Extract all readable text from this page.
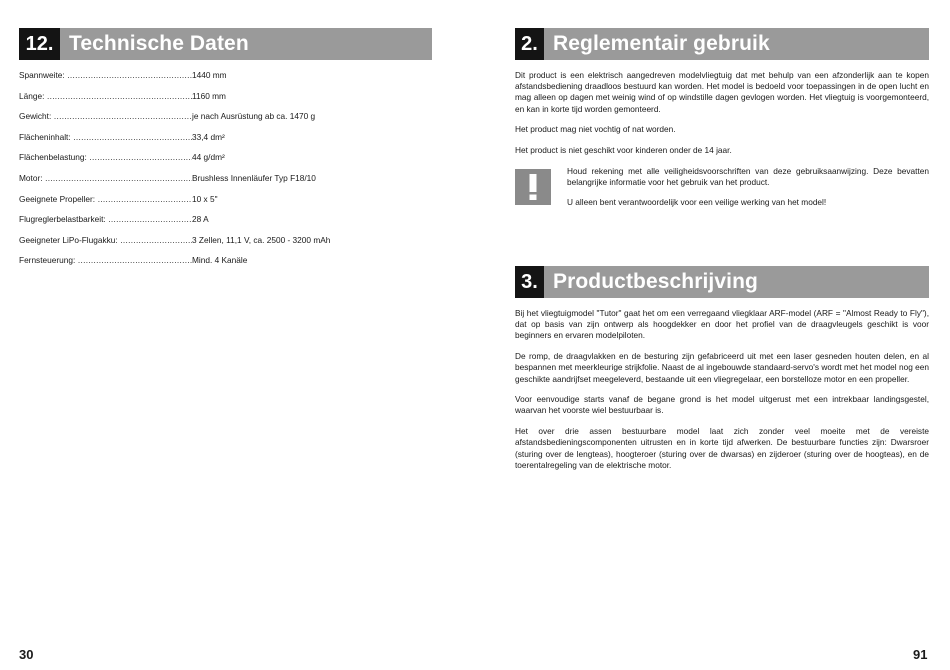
12. Technische Daten
Spannweite: .....	1440 mm
Länge: .....	1160 mm
Gewicht: .....	je nach Ausrüstung ab ca. 1470 g
Flächeninhalt: .....	33,4 dm²
Flächenbelastung: .....	44 g/dm²
Motor: .....	Brushless Innenläufer Typ F18/10
Geeignete Propeller: .....	10 x 5"
Flugreglerbelastbarkeit: .....	28 A
Geeigneter LiPo-Flugakku: .....	3 Zellen, 11,1 V, ca. 2500 - 3200 mAh
Fernsteuerung: .....	Mind. 4 Kanäle
30
2. Reglementair gebruik

Dit product is een elektrisch aangedreven modelvliegtuig dat met behulp van een afzonderlijk aan te kopen afstandsbediening draadloos bestuurd kan worden. Het model is bedoeld voor toepassingen in de open lucht en mag alleen op dagen met weinig wind of op windstille dagen gevlogen worden. Het vliegtuig is voorgemonteerd, en kan in korte tijd worden gemonteerd.

Het product mag niet vochtig of nat worden.

Het product is niet geschikt voor kinderen onder de 14 jaar.

Houd rekening met alle veiligheidsvoorschriften van deze gebruiksaanwijzing. Deze bevatten belangrijke informatie voor het gebruik van het product.

U alleen bent verantwoordelijk voor een veilige werking van het model!

3. Productbeschrijving

Bij het vliegtuigmodel "Tutor" gaat het om een verregaand vliegklaar ARF-model (ARF = "Almost Ready to Fly"), dat op basis van zijn ontwerp als hoogdekker en door het profiel van de draagvleugels geschikt is voor beginners en ervaren modelpiloten.

De romp, de draagvlakken en de besturing zijn gefabriceerd uit met een laser gesneden houten delen, en al bespannen met meerkleurige strijkfolie. Naast de al ingebouwde standaard-servo's wordt met het model nog een geschikte aandrijfset meegeleverd, bestaande uit een vliegregelaar, een borstelloze motor en een propeller.

Voor eenvoudige starts vanaf de begane grond is het model uitgerust met een intrekbaar landingsgestel, waarvan het voorste wiel bestuurbaar is.

Het over drie assen bestuurbare model laat zich zonder veel moeite met de vereiste afstandsbedieningscomponenten uitrusten en in korte tijd afwerken. De bestuurbare functies zijn: Dwarsroer (sturing over de lengteas), hoogteroer (sturing over de dwarsas) en zijderoer (sturing over de hoogteas), en de toerentalregeling van de elektrische motor.

91
